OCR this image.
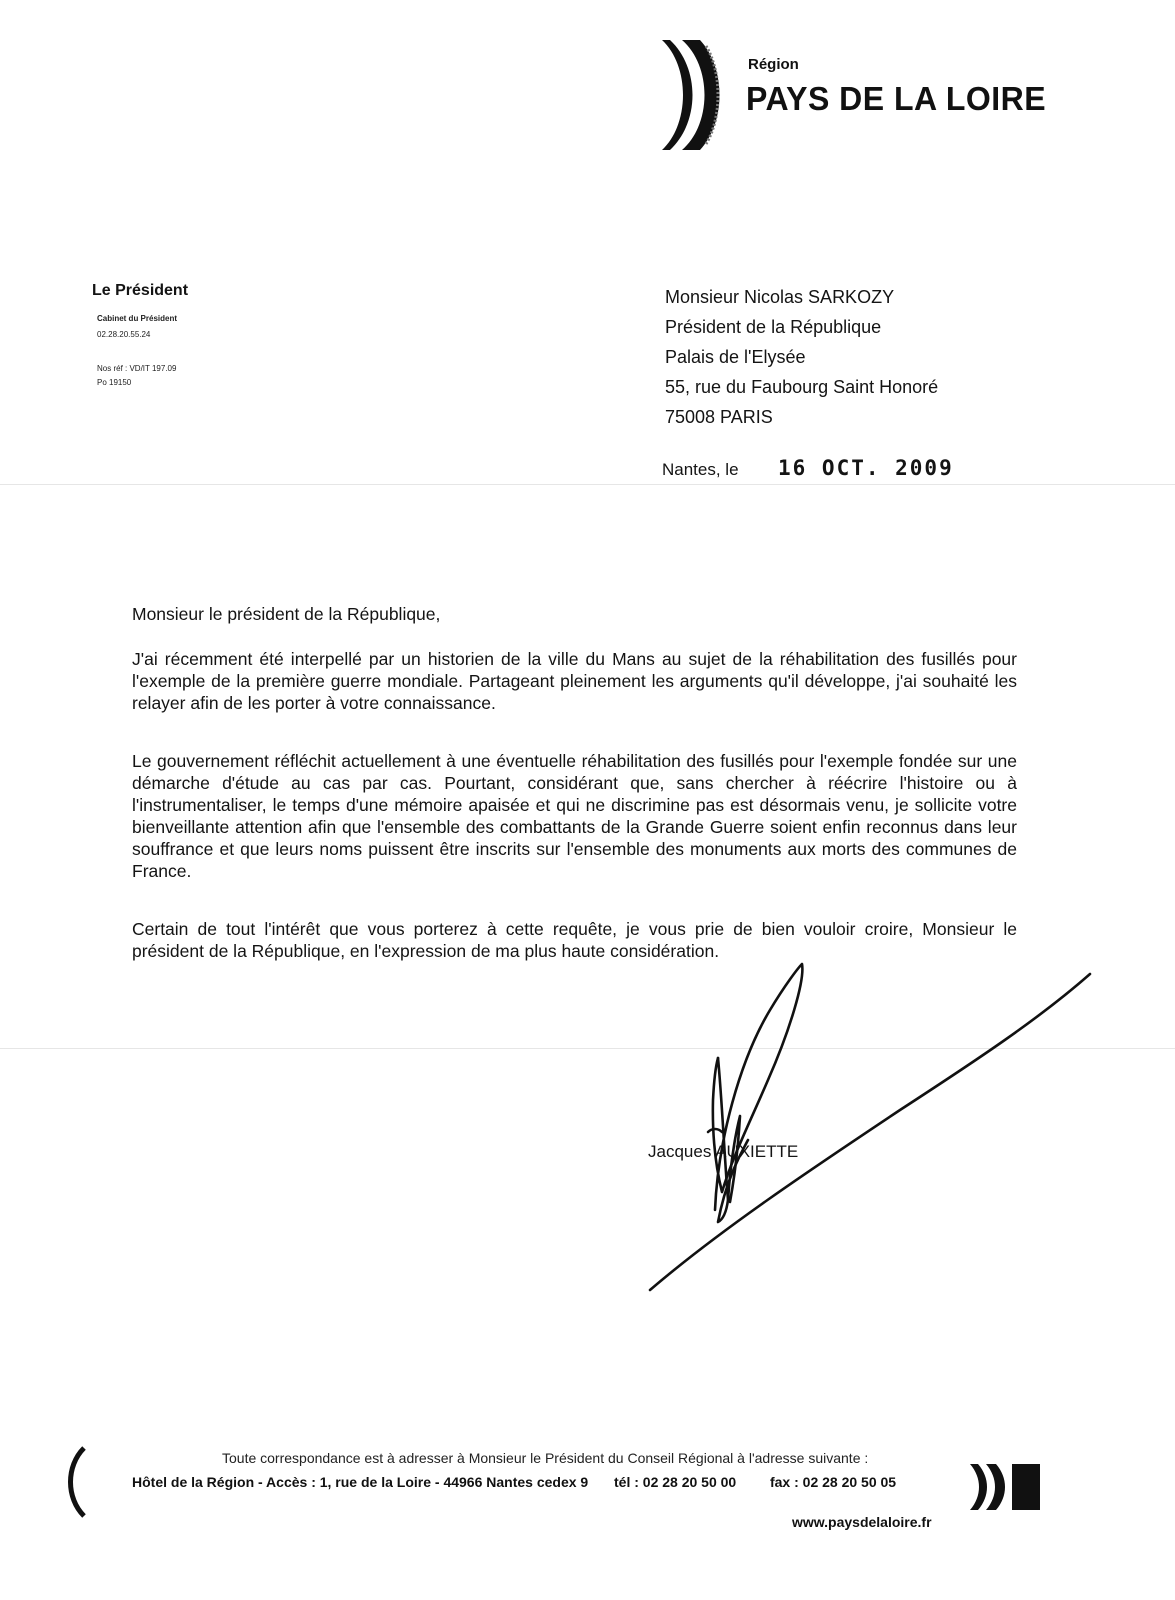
Région
PAYS DE LA LOIRE
Le Président
Cabinet du Président
02.28.20.55.24
Nos réf : VD/IT 197.09
Po 19150
Monsieur Nicolas SARKOZY
Président de la République
Palais de l'Elysée
55, rue du Faubourg Saint Honoré
75008 PARIS
Nantes, le 16 OCT. 2009
Monsieur le président de la République,
J'ai récemment été interpellé par un historien de la ville du Mans au sujet de la réhabilitation des fusillés pour l'exemple de la première guerre mondiale. Partageant pleinement les arguments qu'il développe, j'ai souhaité les relayer afin de les porter à votre connaissance.
Le gouvernement réfléchit actuellement à une éventuelle réhabilitation des fusillés pour l'exemple fondée sur une démarche d'étude au cas par cas. Pourtant, considérant que, sans chercher à réécrire l'histoire ou à l'instrumentaliser, le temps d'une mémoire apaisée et qui ne discrimine pas est désormais venu, je sollicite votre bienveillante attention afin que l'ensemble des combattants de la Grande Guerre soient enfin reconnus dans leur souffrance et que leurs noms puissent être inscrits sur l'ensemble des monuments aux morts des communes de France.
Certain de tout l'intérêt que vous porterez à cette requête, je vous prie de bien vouloir croire, Monsieur le président de la République, en l'expression de ma plus haute considération.
Jacques AUXIETTE
Toute correspondance est à adresser à Monsieur le Président du Conseil Régional à l'adresse suivante :
Hôtel de la Région - Accès : 1, rue de la Loire - 44966 Nantes cedex 9 tél : 02 28 20 50 00 fax : 02 28 20 50 05
www.paysdelaloire.fr
